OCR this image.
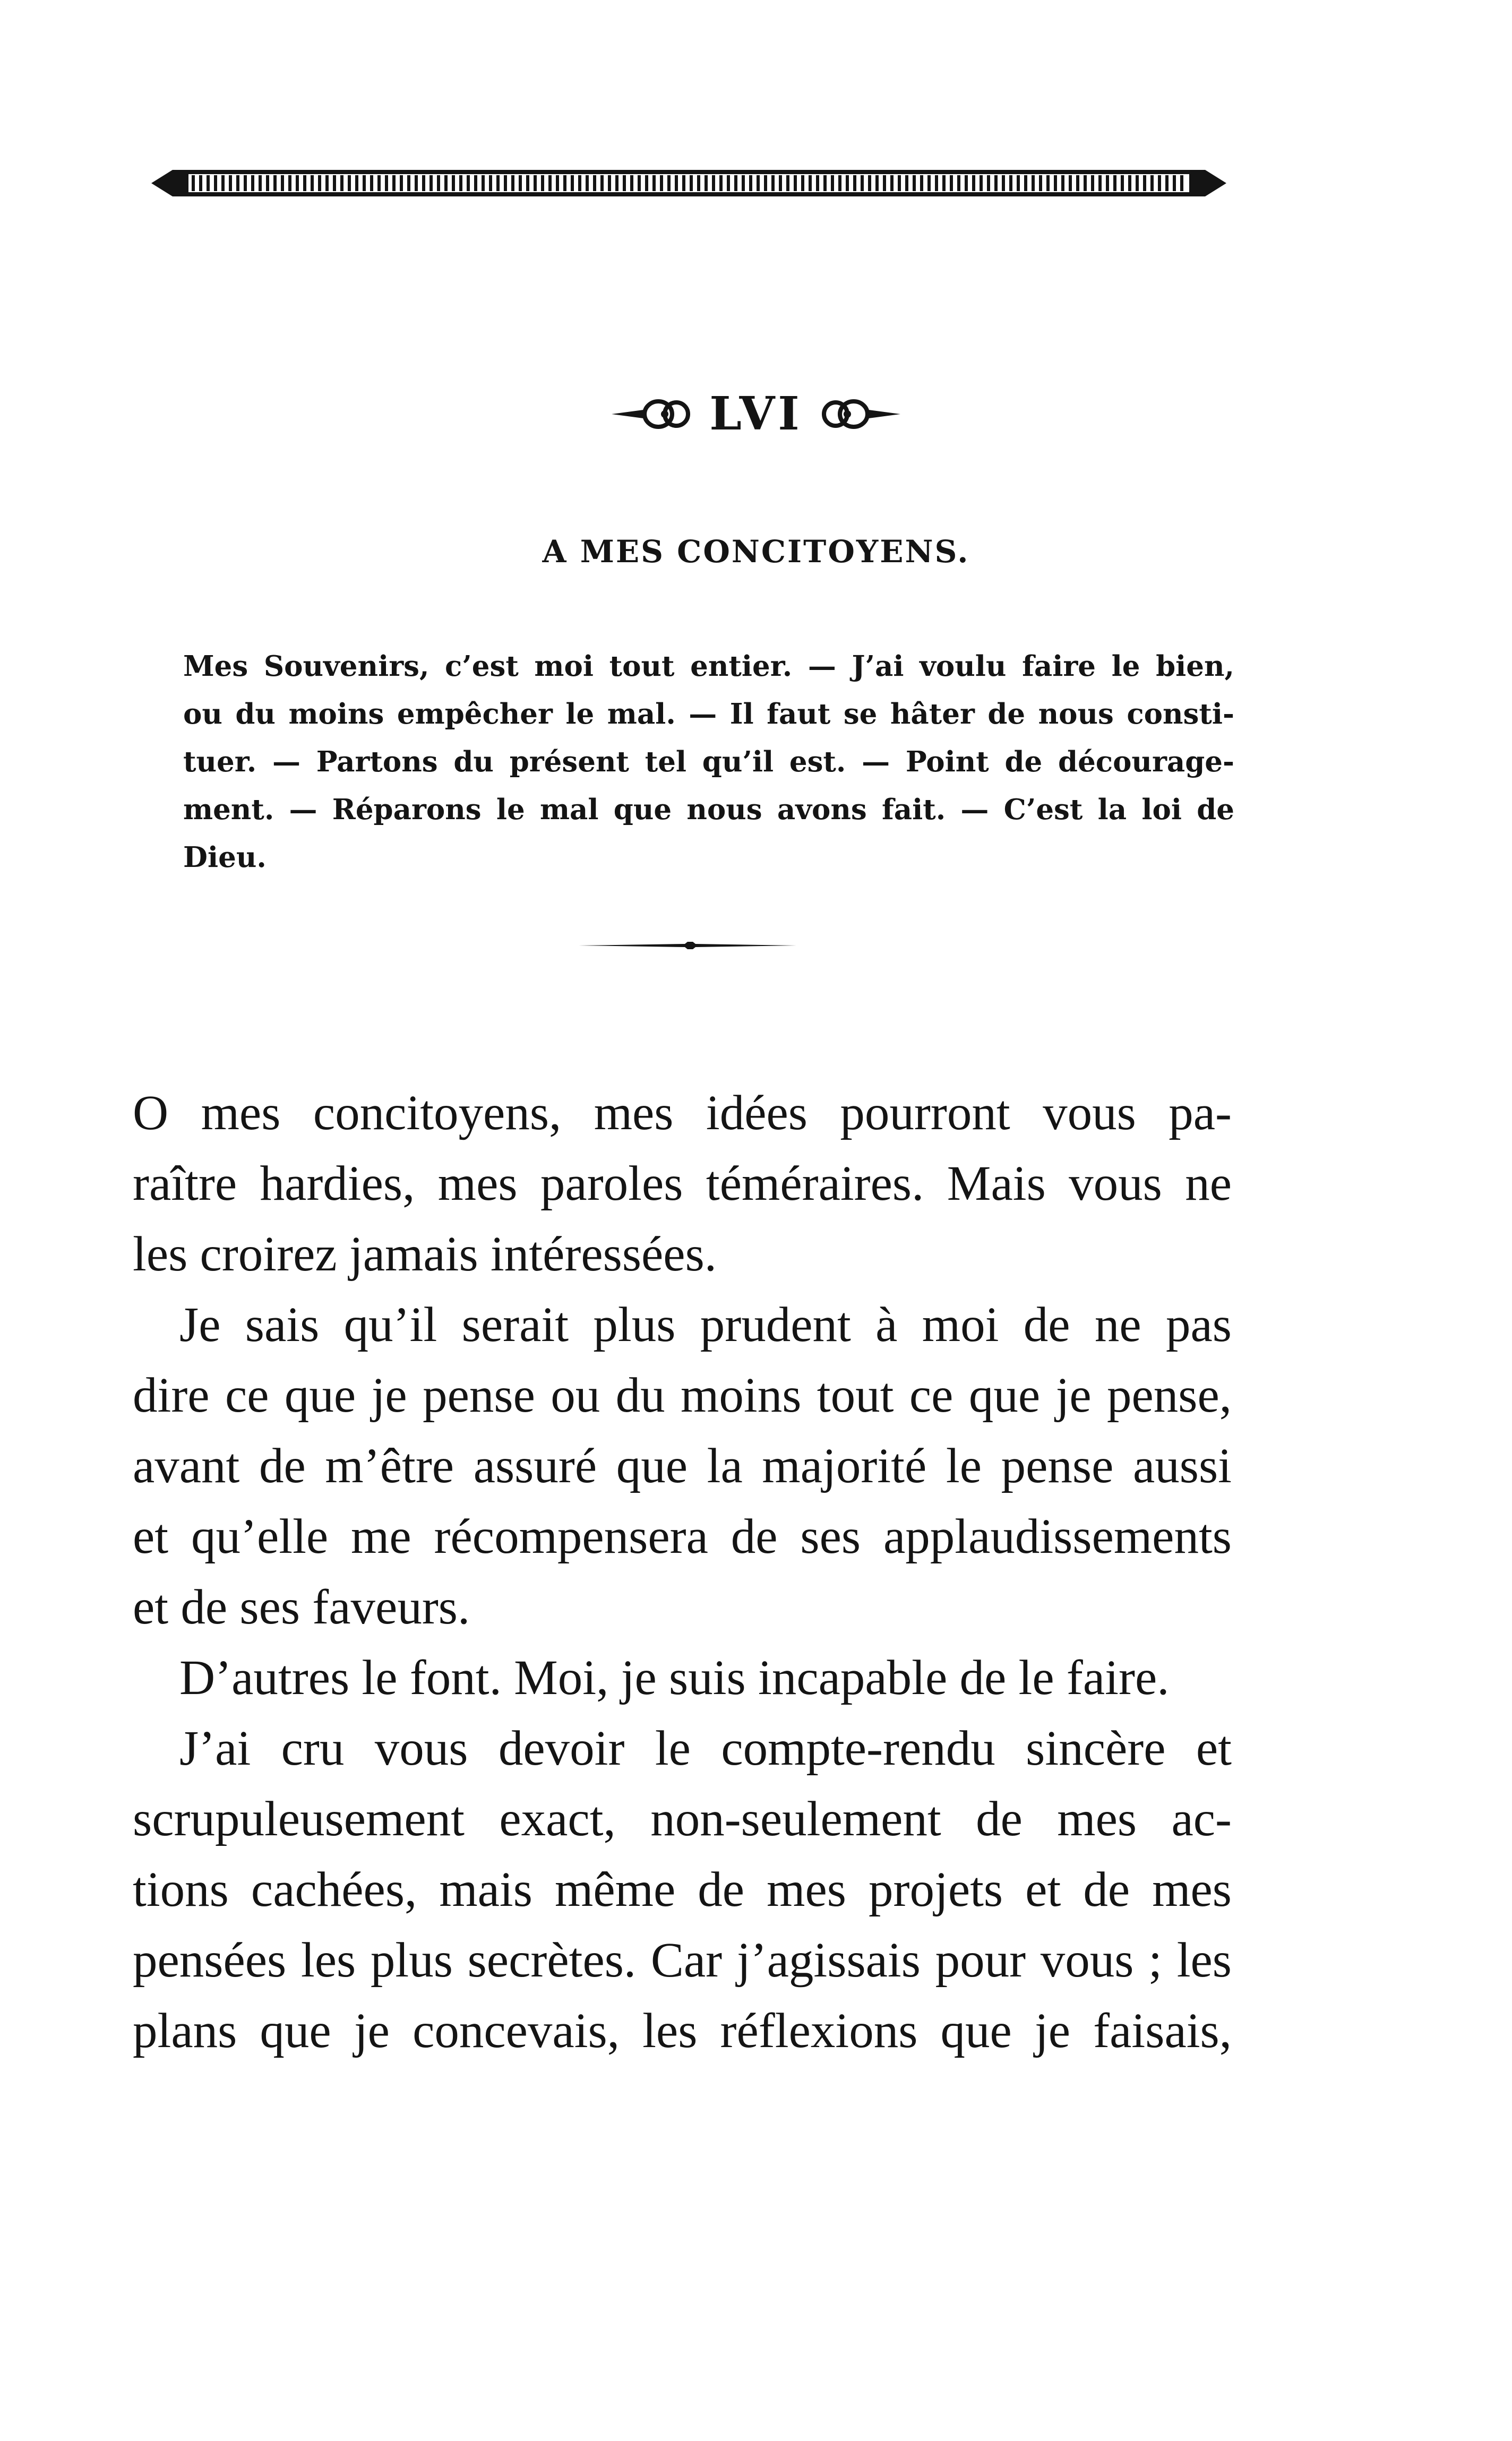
LVI
A MES CONCITOYENS.
Mes Souvenirs, c’est moi tout entier. — J’ai voulu faire le bien,
ou du moins empêcher le mal. — Il faut se hâter de nous consti-
tuer. — Partons du présent tel qu’il est. — Point de décourage-
ment. — Réparons le mal que nous avons fait. — C’est la loi de
Dieu.
O mes concitoyens, mes idées pourront vous pa-
raître hardies, mes paroles téméraires. Mais vous ne
les croirez jamais intéressées.
Je sais qu’il serait plus prudent à moi de ne pas
dire ce que je pense ou du moins tout ce que je pense,
avant de m’être assuré que la majorité le pense aussi
et qu’elle me récompensera de ses applaudissements
et de ses faveurs.
D’autres le font. Moi, je suis incapable de le faire.
J’ai cru vous devoir le compte-rendu sincère et
scrupuleusement exact, non-seulement de mes ac-
tions cachées, mais même de mes projets et de mes
pensées les plus secrètes. Car j’agissais pour vous ; les
plans que je concevais, les réflexions que je faisais,
